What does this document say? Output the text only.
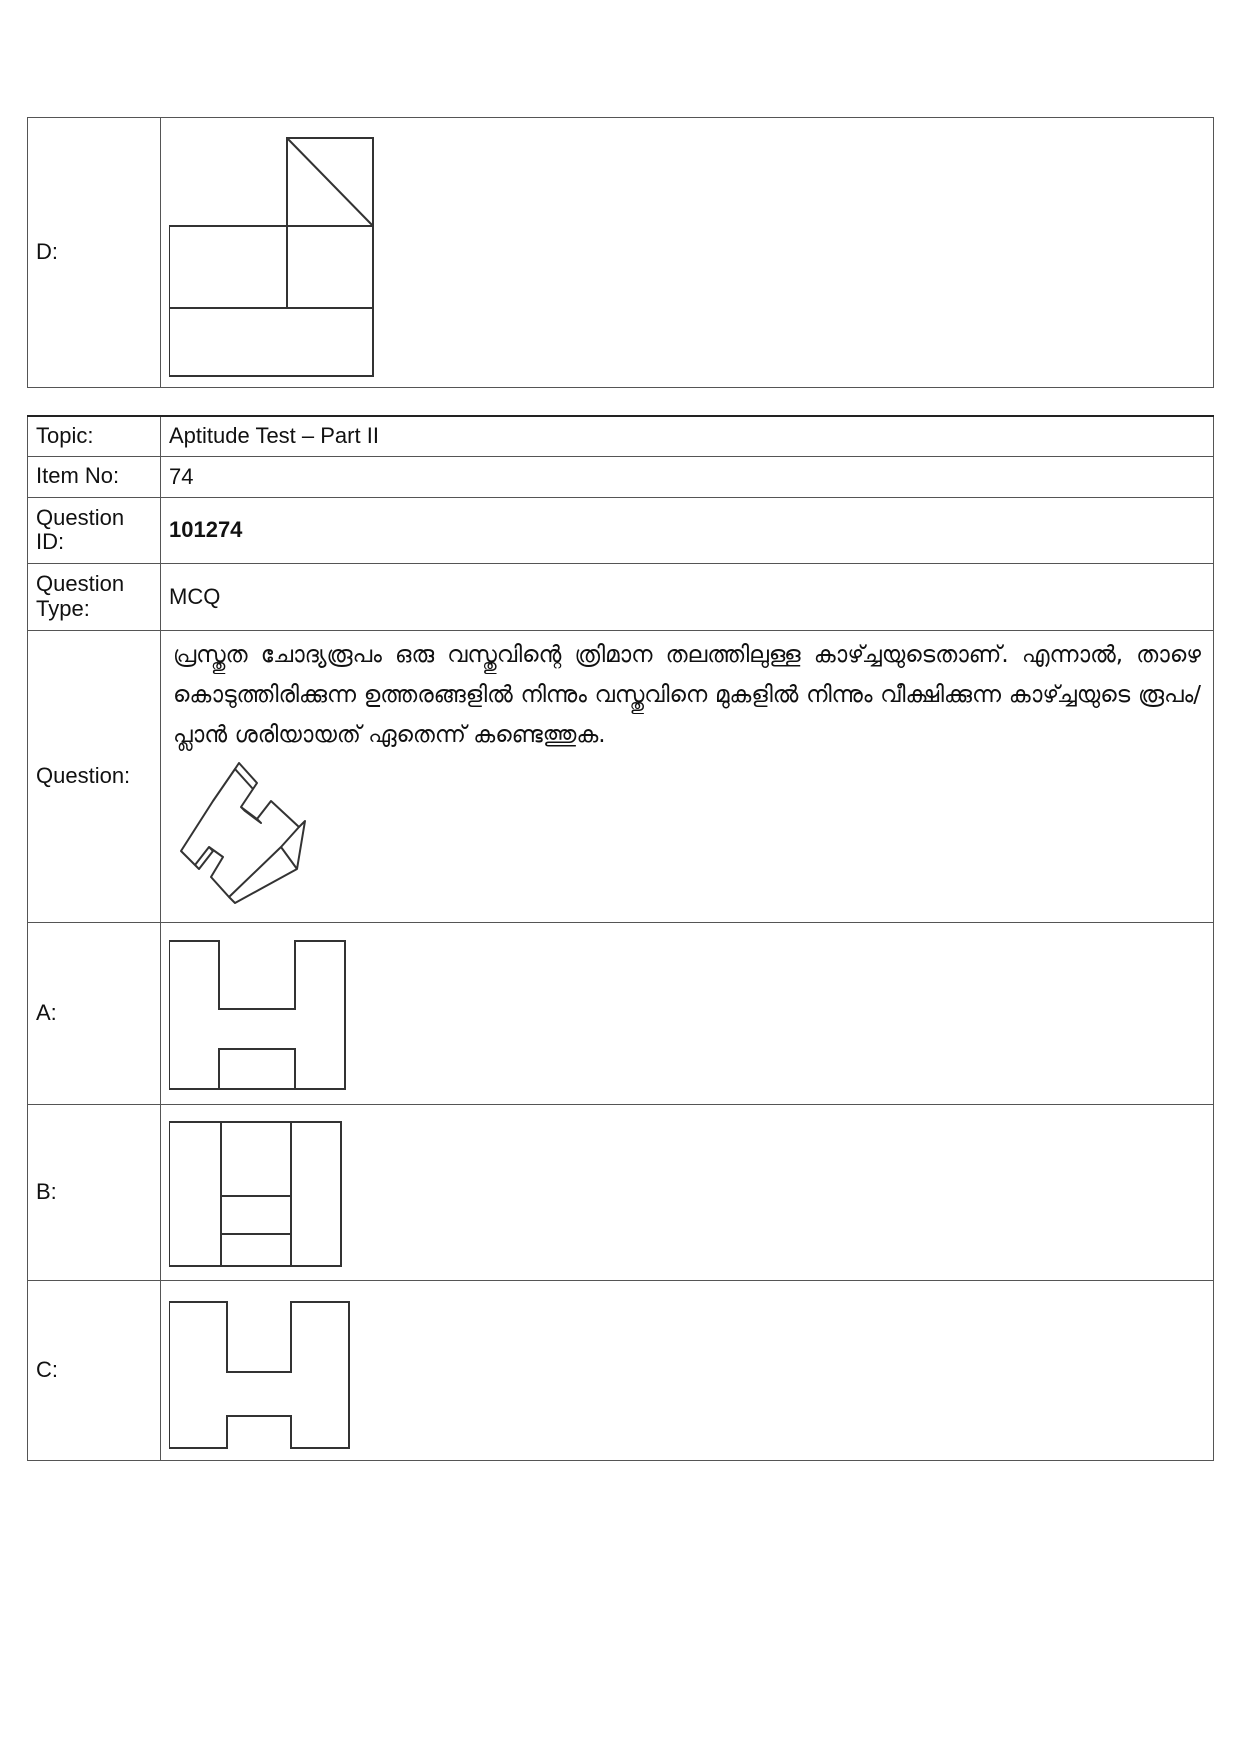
D:	
Topic:	Aptitude Test – Part II
Item No:	74
Question ID:	101274
Question Type:	MCQ
Question:	പ്രസ്തുത ചോദ്യരൂപം ഒരു വസ്തുവിന്റെ ത്രിമാന തലത്തിലുള്ള കാഴ്ച്ചയുടെതാണ്. എന്നാൽ, താഴെ കൊടുത്തിരിക്കുന്ന ഉത്തരങ്ങളിൽ നിന്നും വസ്തുവിനെ മുകളിൽ നിന്നും വീക്ഷിക്കുന്ന കാഴ്ച്ചയുടെ രൂപം/ പ്ലാൻ ശരിയായത് ഏതെന്ന് കണ്ടെത്തുക.

A:	

B:	

C:	
